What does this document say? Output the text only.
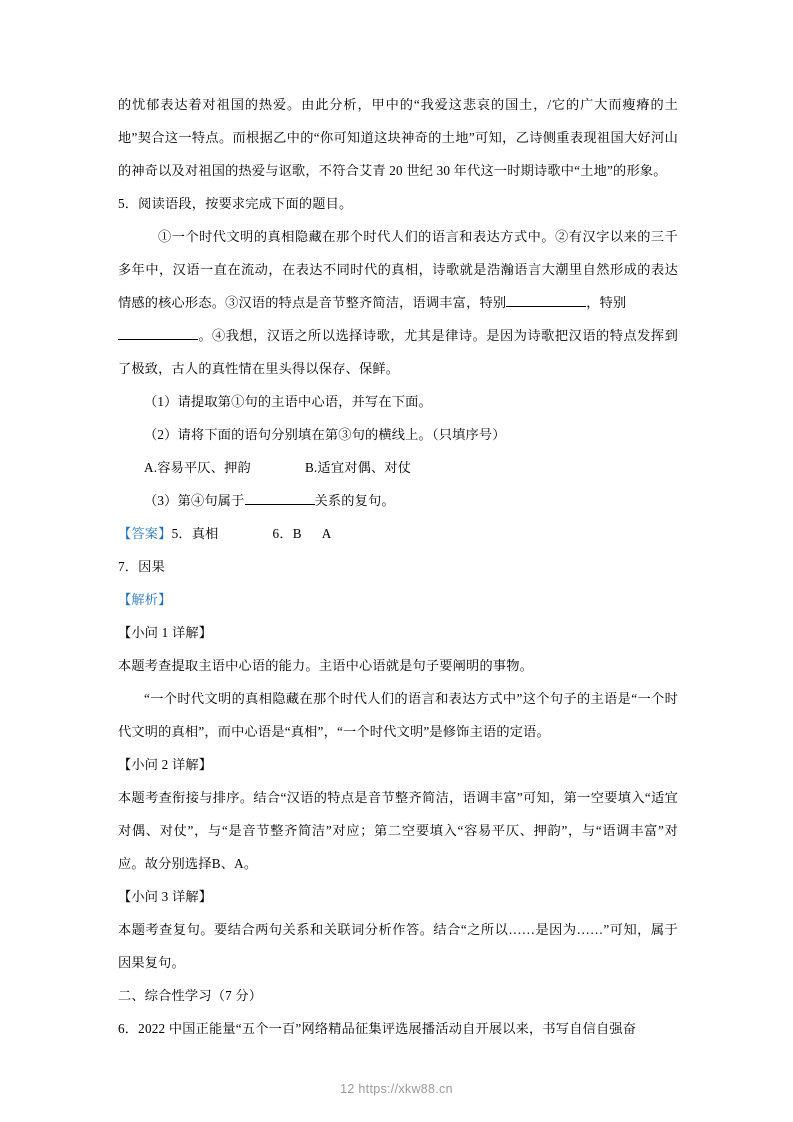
的忧郁表达着对祖国的热爱。由此分析，甲中的“我爱这悲哀的国土，/它的广大而瘦瘠的土地”契合这一特点。而根据乙中的“你可知道这块神奇的土地”可知，乙诗侧重表现祖国大好河山的神奇以及对祖国的热爱与讴歌，不符合艾青 20 世纪 30 年代这一时期诗歌中“土地”的形象。

5．阅读语段，按要求完成下面的题目。

①一个时代文明的真相隐藏在那个时代人们的语言和表达方式中。②有汉字以来的三千多年中，汉语一直在流动，在表达不同时代的真相，诗歌就是浩瀚语言大潮里自然形成的表达情感的核心形态。③汉语的特点是音节整齐简洁，语调丰富，特别	，特别

。④我想，汉语之所以选择诗歌，尤其是律诗。是因为诗歌把汉语的特点发挥到了极致，古人的真性情在里头得以保存、保鲜。

（1）请提取第①句的主语中心语，并写在下面。

（2）请将下面的语句分别填在第③句的横线上。（只填序号）

A.容易平仄、押韵	B.适宜对偶、对仗

（3）第④句属于	关系的复句。

【答案】5．真相	6．B A

7．因果

【解析】

【小问 1 详解】

本题考查提取主语中心语的能力。主语中心语就是句子要阐明的事物。

“一个时代文明的真相隐藏在那个时代人们的语言和表达方式中”这个句子的主语是“一个时代文明的真相”，而中心语是“真相”，“一个时代文明”是修饰主语的定语。

【小问 2 详解】

本题考查衔接与排序。结合“汉语的特点是音节整齐简洁，语调丰富”可知，第一空要填入“适宜对偶、对仗”，与“是音节整齐简洁”对应；第二空要填入“容易平仄、押韵”，与“语调丰富”对应。故分别选择B、A。

【小问 3 详解】

本题考查复句。要结合两句关系和关联词分析作答。结合“之所以……是因为……”可知，属于因果复句。

二、综合性学习（7 分）

6．2022 中国正能量“五个一百”网络精品征集评选展播活动自开展以来，书写自信自强奋

12 https://xkw88.cn
